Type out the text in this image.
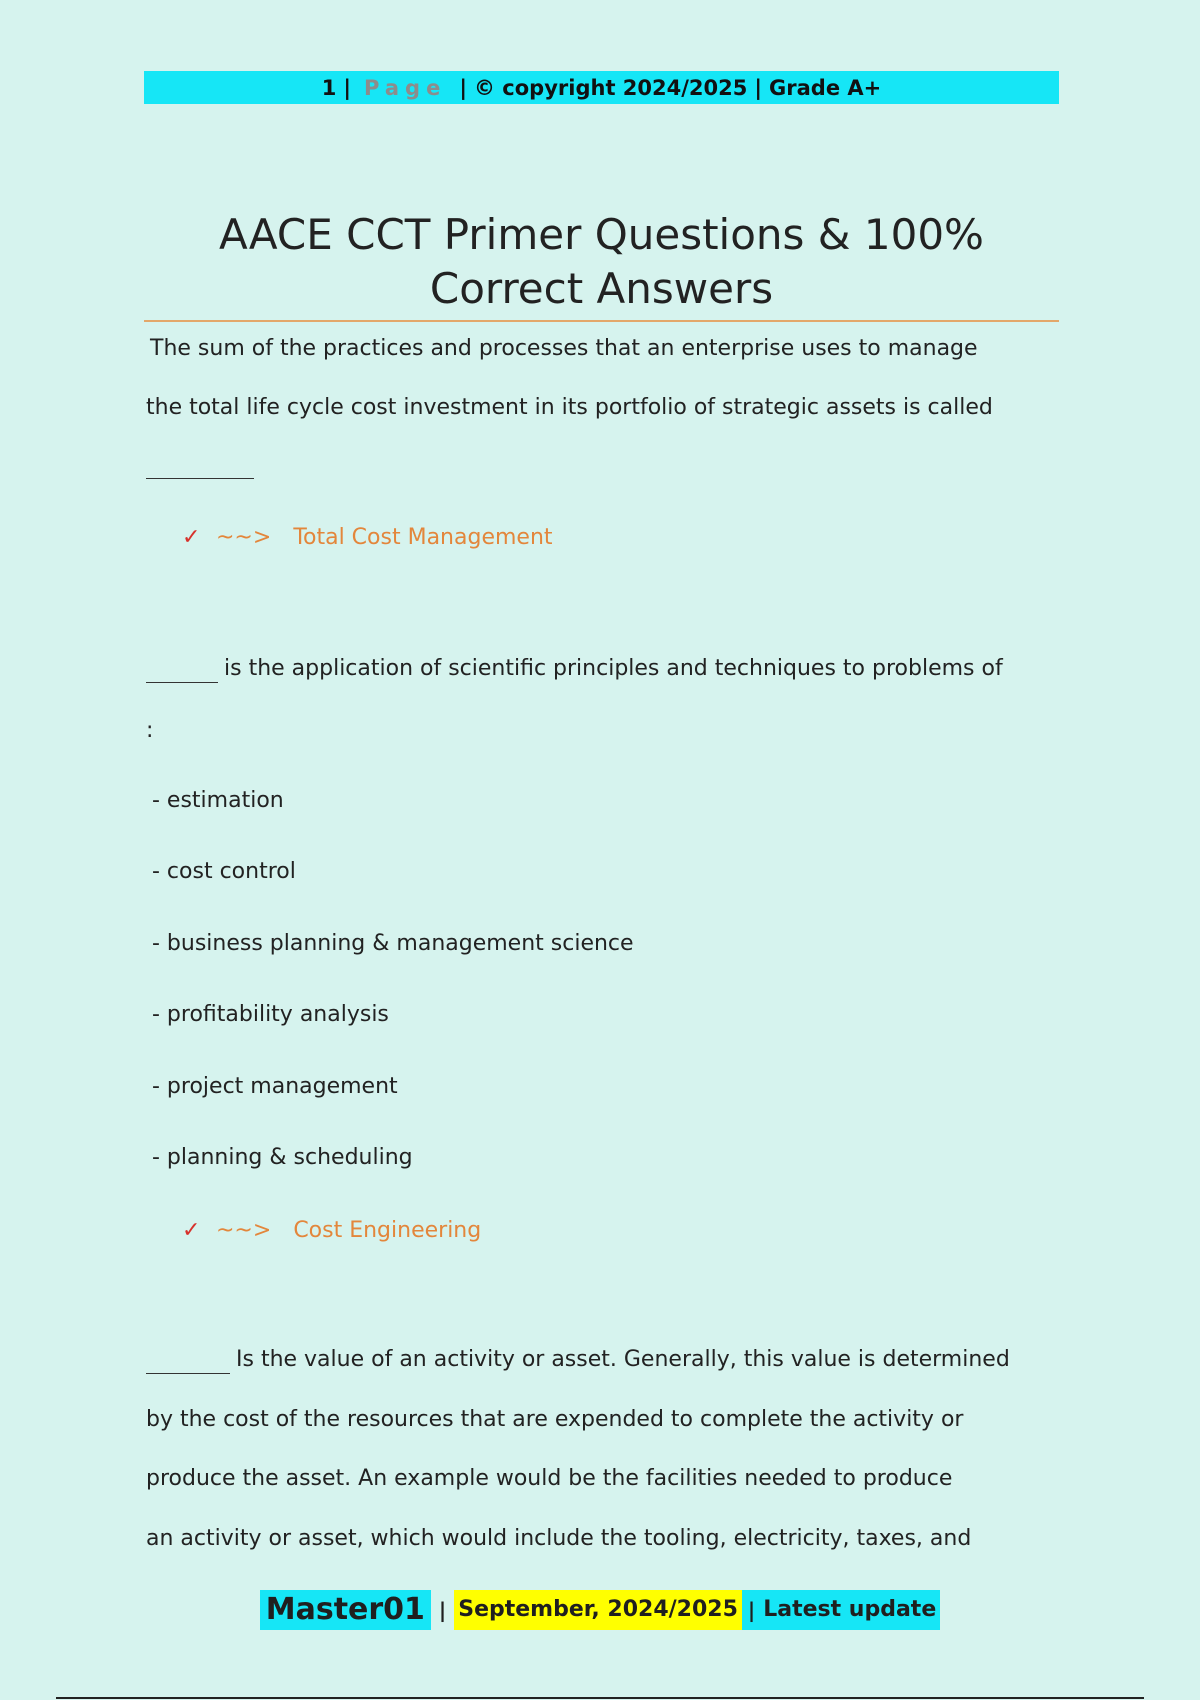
1 | Page | © copyright 2024/2025 | Grade A+
AACE CCT Primer Questions & 100% Correct Answers
The sum of the practices and processes that an enterprise uses to manage
the total life cycle cost investment in its portfolio of strategic assets is called
✓ ~~> Total Cost Management
is the application of scientific principles and techniques to problems of
:
- estimation
- cost control
- business planning & management science
- profitability analysis
- project management
- planning & scheduling
✓ ~~> Cost Engineering
Is the value of an activity or asset. Generally, this value is determined
by the cost of the resources that are expended to complete the activity or
produce the asset. An example would be the facilities needed to produce
an activity or asset, which would include the tooling, electricity, taxes, and
Master01 | September, 2024/2025 | Latest update
